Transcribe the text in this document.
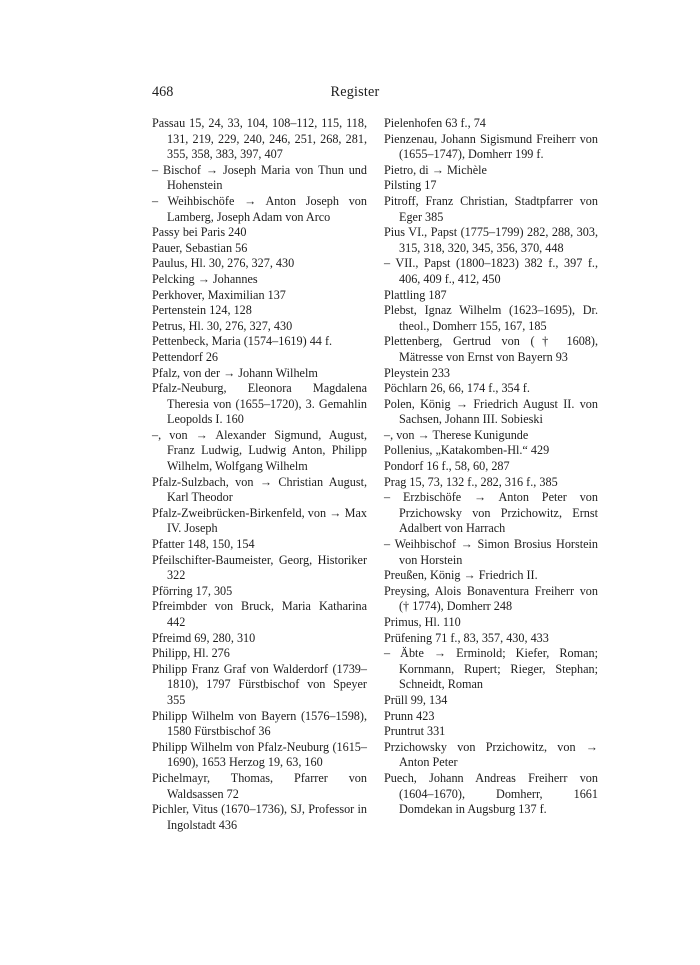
468	Register

Passau 15, 24, 33, 104, 108–112, 115, 118, 131, 219, 229, 240, 246, 251, 268, 281, 355, 358, 383, 397, 407

– Bischof → Joseph Maria von Thun und Hohenstein

– Weihbischöfe → Anton Joseph von Lamberg, Joseph Adam von Arco

Passy bei Paris 240

Pauer, Sebastian 56

Paulus, Hl. 30, 276, 327, 430

Pelcking → Johannes

Perkhover, Maximilian 137

Pertenstein 124, 128

Petrus, Hl. 30, 276, 327, 430

Pettenbeck, Maria (1574–1619) 44 f.

Pettendorf 26

Pfalz, von der → Johann Wilhelm

Pfalz-Neuburg, Eleonora Magdalena Theresia von (1655–1720), 3. Gemahlin Leopolds I. 160

–, von → Alexander Sigmund, August, Franz Ludwig, Ludwig Anton, Philipp Wilhelm, Wolfgang Wilhelm

Pfalz-Sulzbach, von → Christian August, Karl Theodor

Pfalz-Zweibrücken-Birkenfeld, von → Max IV. Joseph

Pfatter 148, 150, 154

Pfeilschifter-Baumeister, Georg, Historiker 322

Pförring 17, 305

Pfreimbder von Bruck, Maria Katharina 442

Pfreimd 69, 280, 310

Philipp, Hl. 276

Philipp Franz Graf von Walderdorf (1739–1810), 1797 Fürstbischof von Speyer 355

Philipp Wilhelm von Bayern (1576–1598), 1580 Fürstbischof 36

Philipp Wilhelm von Pfalz-Neuburg (1615–1690), 1653 Herzog 19, 63, 160

Pichelmayr, Thomas, Pfarrer von Waldsassen 72

Pichler, Vitus (1670–1736), SJ, Professor in Ingolstadt 436

Pielenhofen 63 f., 74

Pienzenau, Johann Sigismund Freiherr von (1655–1747), Domherr 199 f.

Pietro, di → Michèle

Pilsting 17

Pitroff, Franz Christian, Stadtpfarrer von Eger 385

Pius VI., Papst (1775–1799) 282, 288, 303, 315, 318, 320, 345, 356, 370, 448

– VII., Papst (1800–1823) 382 f., 397 f., 406, 409 f., 412, 450

Plattling 187

Plebst, Ignaz Wilhelm (1623–1695), Dr. theol., Domherr 155, 167, 185

Plettenberg, Gertrud von († 1608), Mätresse von Ernst von Bayern 93

Pleystein 233

Pöchlarn 26, 66, 174 f., 354 f.

Polen, König → Friedrich August II. von Sachsen, Johann III. Sobieski

–, von → Therese Kunigunde

Pollenius, „Katakomben-Hl.“ 429

Pondorf 16 f., 58, 60, 287

Prag 15, 73, 132 f., 282, 316 f., 385

– Erzbischöfe → Anton Peter von Przichowsky von Przichowitz, Ernst Adalbert von Harrach

– Weihbischof → Simon Brosius Horstein von Horstein

Preußen, König → Friedrich II.

Preysing, Alois Bonaventura Freiherr von († 1774), Domherr 248

Primus, Hl. 110

Prüfening 71 f., 83, 357, 430, 433

– Äbte → Erminold; Kiefer, Roman; Kornmann, Rupert; Rieger, Stephan; Schneidt, Roman

Prüll 99, 134

Prunn 423

Pruntrut 331

Przichowsky von Przichowitz, von → Anton Peter

Puech, Johann Andreas Freiherr von (1604–1670), Domherr, 1661 Domdekan in Augsburg 137 f.
